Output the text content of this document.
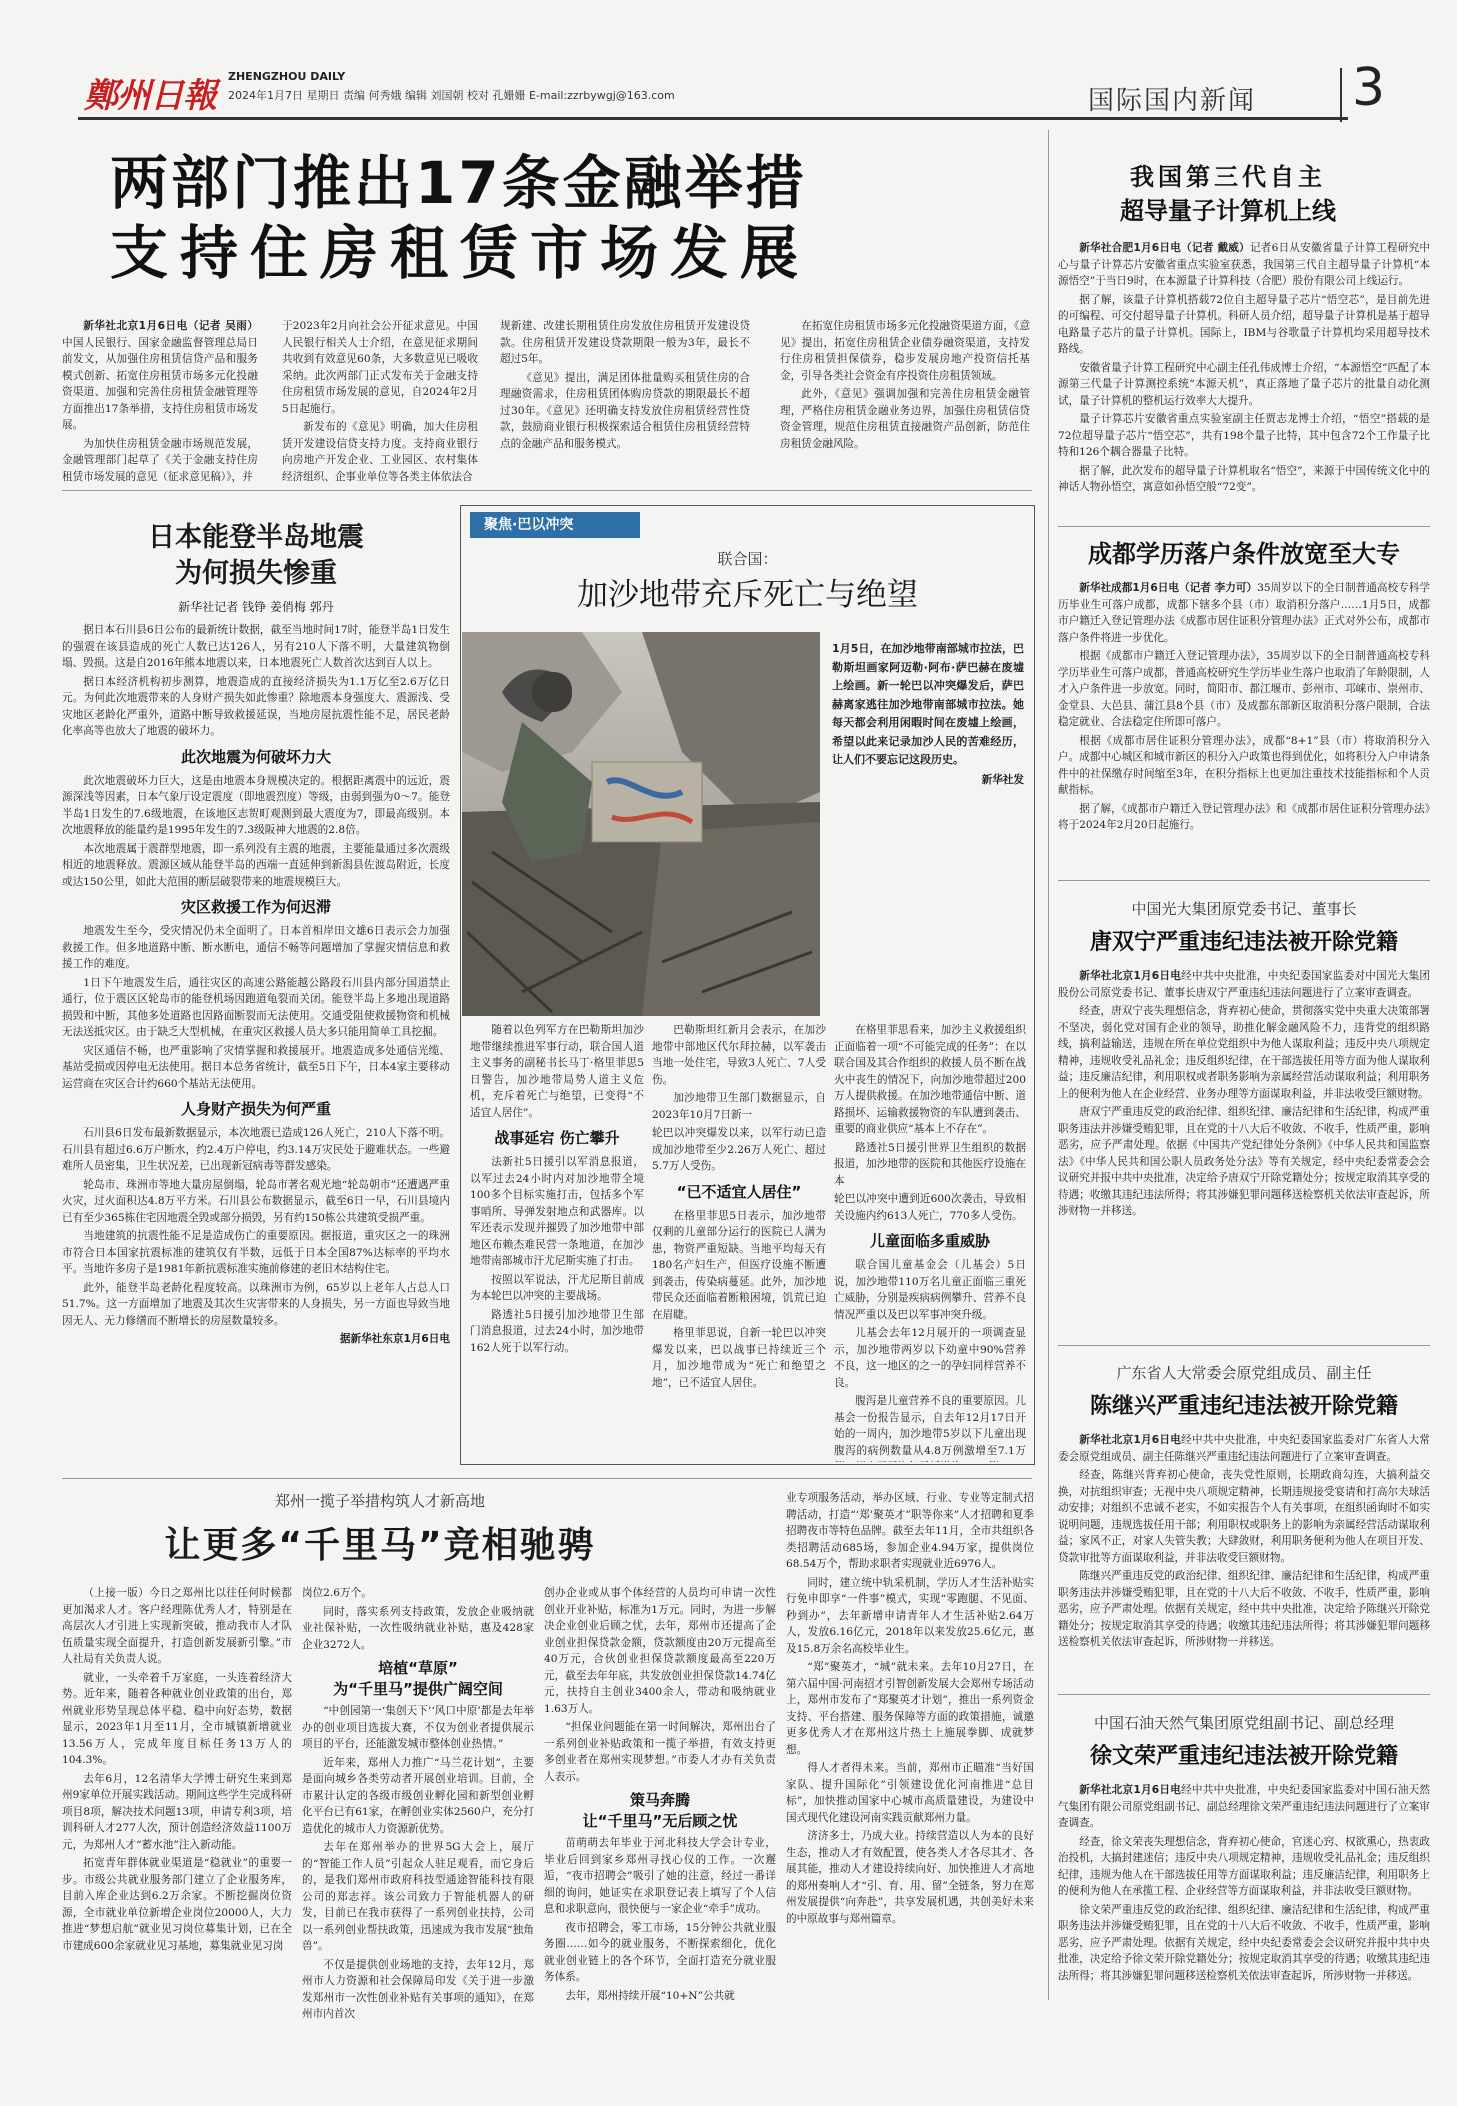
鄭州日報 ZHENGZHOU DAILY
2024年1月7日 星期日 责编 何秀娥 编辑 刘国朝 校对 孔姗姗 E-mail:zzrbywgj@163.com	国际国内新闻 3
两部门推出17条金融举措
支持住房租赁市场发展

新华社北京1月6日电（记者 吴雨）中国人民银行、国家金融监督管理总局日前发文，从加强住房租赁信贷产品和服务模式创新、拓宽住房租赁市场多元化投融资渠道、加强和完善住房租赁金融管理等方面推出17条举措，支持住房租赁市场发展。

为加快住房租赁金融市场规范发展，金融管理部门起草了《关于金融支持住房租赁市场发展的意见（征求意见稿）》，并

于2023年2月向社会公开征求意见。中国人民银行相关人士介绍，在意见征求期间共收到有效意见60条，大多数意见已吸收采纳。此次两部门正式发布关于金融支持住房租赁市场发展的意见，自2024年2月5日起施行。

新发布的《意见》明确，加大住房租赁开发建设信贷支持力度。支持商业银行向房地产开发企业、工业园区、农村集体经济组织、企事业单位等各类主体依法合

规新建、改建长期租赁住房发放住房租赁开发建设贷款。住房租赁开发建设贷款期限一般为3年，最长不超过5年。

《意见》提出，满足团体批量购买租赁住房的合理融资需求，住房租赁团体购房贷款的期限最长不超过30年。《意见》还明确支持发放住房租赁经营性贷款，鼓励商业银行积极探索适合租赁住房租赁经营特点的金融产品和服务模式。

在拓宽住房租赁市场多元化投融资渠道方面，《意见》提出，拓宽住房租赁企业债券融资渠道，支持发行住房租赁担保债券，稳步发展房地产投资信托基金，引导各类社会资金有序投资住房租赁领域。

此外，《意见》强调加强和完善住房租赁金融管理，严格住房租赁金融业务边界，加强住房租赁信贷资金管理，规范住房租赁直接融资产品创新，防范住房租赁金融风险。

日本能登半岛地震
为何损失惨重
新华社记者 钱铮 姜俏梅 郭丹

据日本石川县6日公布的最新统计数据，截至当地时间17时，能登半岛1日发生的强震在该县造成的死亡人数已达126人，另有210人下落不明，大量建筑物倒塌、毁损。这是自2016年熊本地震以来，日本地震死亡人数首次达到百人以上。

据日本经济机构初步测算，地震造成的直接经济损失为1.1万亿至2.6万亿日元。为何此次地震带来的人身财产损失如此惨重？除地震本身强度大、震源浅、受灾地区老龄化严重外，道路中断导致救援延误，当地房屋抗震性能不足，居民老龄化率高等也放大了地震的破坏力。

此次地震为何破坏力大

此次地震破坏力巨大，这是由地震本身规模决定的。根据距离震中的远近，震源深浅等因素，日本气象厅设定震度（即地震烈度）等级，由弱到强为0～7。能登半岛1日发生的7.6级地震，在该地区志贺町观测到最大震度为7，即最高级别。本次地震释放的能量约是1995年发生的7.3级阪神大地震的2.8倍。

本次地震属于震群型地震，即一系列没有主震的地震，主要能量通过多次震级相近的地震释放。震源区域从能登半岛的西端一直延伸到新潟县佐渡岛附近，长度或达150公里，如此大范围的断层破裂带来的地震规模巨大。

灾区救援工作为何迟滞

地震发生至今，受灾情况仍未全面明了。日本首相岸田文雄6日表示会力加强救援工作。但多地道路中断、断水断电，通信不畅等问题增加了掌握灾情信息和救援工作的难度。

1日下午地震发生后，通往灾区的高速公路能越公路段石川县内部分国道禁止通行，位于震区区轮岛市的能登机场因跑道龟裂而关闭。能登半岛上多地出现道路损毁和中断，其他多处道路也因路面断裂而无法使用。交通受阻使救援物资和机械无法送抵灾区。由于缺乏大型机械，在重灾区救援人员大多只能用简单工具挖掘。

灾区通信不畅，也严重影响了灾情掌握和救援展开。地震造成多处通信光缆、基站受损或因停电无法使用。据日本总务省统计，截至5日下午，日本4家主要移动运营商在灾区合计约660个基站无法使用。

人身财产损失为何严重

石川县6日发布最新数据显示，本次地震已造成126人死亡，210人下落不明。石川县有超过6.6万户断水，约2.4万户停电，约3.14万灾民处于避难状态。一些避难所人员密集，卫生状况差，已出现新冠病毒等群发感染。

轮岛市、珠洲市等地大量房屋倒塌，轮岛市著名观光地“轮岛朝市”还遭遇严重火灾，过火面积达4.8万平方米。石川县公布数据显示，截至6日一早，石川县境内已有至少365栋住宅因地震全毁或部分损毁，另有约150栋公共建筑受损严重。

当地建筑的抗震性能不足是造成伤亡的重要原因。据报道，重灾区之一的珠洲市符合日本国家抗震标准的建筑仅有半数，远低于日本全国87%达标率的平均水平。当地许多房子是1981年新抗震标准实施前修建的老旧木结构住宅。

此外，能登半岛老龄化程度较高。以珠洲市为例，65岁以上老年人占总人口51.7%。这一方面增加了地震及其次生灾害带来的人身损失，另一方面也导致当地因无人、无力修缮而不断增长的房屋数量较多。

据新华社东京1月6日电
聚焦·巴以冲突
联合国：
加沙地带充斥死亡与绝望

1月5日，在加沙地带南部城市拉法，巴勒斯坦画家阿迈勒·阿布·萨巴赫在废墟上绘画。新一轮巴以冲突爆发后，萨巴赫离家逃往加沙地带南部城市拉法。她每天都会利用闲暇时间在废墟上绘画，希望以此来记录加沙人民的苦难经历，让人们不要忘记这段历史。

新华社发

随着以色列军方在巴勒斯坦加沙地带继续推进军事行动，联合国人道主义事务的副秘书长马丁·格里菲思5日警告，加沙地带局势人道主义危机，充斥着死亡与绝望，已变得“不适宜人居住”。

战事延宕 伤亡攀升

法新社5日援引以军消息报道，以军过去24小时内对加沙地带全境100多个目标实施打击，包括多个军事哨所、导弹发射地点和武器库。以军还表示发现并摧毁了加沙地带中部地区布赖杰难民营一条地道，在加沙地带南部城市汗尤尼斯实施了打击。

按照以军说法，汗尤尼斯目前成为本轮巴以冲突的主要战场。

路透社5日援引加沙地带卫生部门消息报道，过去24小时，加沙地带162人死于以军行动。

巴勒斯坦红新月会表示，在加沙地带中部地区代尔拜拉赫，以军袭击当地一处住宅，导致3人死亡、7人受伤。

加沙地带卫生部门数据显示，自2023年10月7日新一

轮巴以冲突爆发以来，以军行动已造成加沙地带至少2.26万人死亡、超过5.7万人受伤。

“已不适宜人居住”

在格里菲思5日表示，加沙地带仅剩的儿童部分运行的医院已人满为患，物资严重短缺。当地平均每天有180名产妇生产，但医疗设施不断遭到袭击，传染病蔓延。此外，加沙地带民众还面临着断粮困境，饥荒已迫在眉睫。

格里菲思说，自新一轮巴以冲突爆发以来，巴以战事已持续近三个月，加沙地带成为“死亡和绝望之地”，已不适宜人居住。

在格里菲思看来，加沙主义救援组织正面临着一项“不可能完成的任务”：在以联合国及其合作组织的救援人员不断在战火中丧生的情况下，向加沙地带超过200万人提供救援。在加沙地带通信中断、道路损坏、运输救援物资的车队遭到袭击、重要的商业供应“基本上不存在”。

路透社5日援引世界卫生组织的数据报道，加沙地带的医院和其他医疗设施在本

轮巴以冲突中遭到近600次袭击，导致相关设施内约613人死亡，770多人受伤。

儿童面临多重威胁

联合国儿童基金会（儿基会）5日说，加沙地带110万名儿童正面临三重死亡威胁，分别是疾病病例攀升、营养不良情况严重以及巴以军事冲突升级。

儿基会去年12月展开的一项调查显示，加沙地带两岁以下幼童中90%营养不良，这一地区的之一的孕妇同样营养不良。

腹泻是儿童营养不良的重要原因。儿基会一份报告显示，自去年12月17日开始的一周内，加沙地带5岁以下儿童出现腹泻的病例数量从4.8万例激增至7.1万

郑州一揽子举措构筑人才新高地
让更多“千里马”竞相驰骋

（上接一版）今日之郑州比以往任何时候都更加渴求人才。客户经理陈优秀人才，特别是在高层次人才引进上实现新突破，推动我市人才队伍质量实现全面提升，打造创新发展新引擎。”市人社局有关负责人说。

就业，一头牵着千万家庭，一头连着经济大势。近年来，随着各种就业创业政策的出台，郑州就业形势呈现总体平稳、稳中向好态势，数据显示，2023年1月至11月，全市城镇新增就业13.56万人，完成年度目标任务13万人的104.3%。

去年6月，12名清华大学博士研究生来到郑州9家单位开展实践活动。期间这些学生完成科研项目8项，解决技术问题13项，申请专利3项，培训科研人才277人次，预计创造经济效益1100万元，为郑州人才“蓄水池”注入新动能。

拓宽青年群体就业渠道是“稳就业”的重要一步。市级公共就业服务部门建立了企业服务库，目前入库企业达到6.2万余家。不断挖掘岗位资源，全市就业单位新增企业岗位20000人，大力推进“梦想启航”就业见习岗位募集计划，已在全市建成600余家就业见习基地，募集就业见习岗

岗位2.6万个。

同时，落实系列支持政策，发放企业吸纳就业社保补贴，一次性吸纳就业补贴，惠及428家企业3272人。

培植“草原”
为“千里马”提供广阔空间

“中创园第一‘集创天下’‘风口中原’都是去年举办的创业项目选拔大赛，不仅为创业者提供展示项目的平台，还能激发城市整体创业热情。”

近年来，郑州人力推广“马兰花计划”，主要是面向城乡各类劳动者开展创业培训。目前，全市累计认定的各级市级创业孵化园和新型创业孵化平台已有61家，在孵创业实体2560户，充分打造优化的城市人力资源新优势。

去年在郑州举办的世界5G大会上，展厅的“智能工作人员”引起众人驻足观看，而它身后的，是我们郑州市政府科技型通途智能科技有限公司的郑志祥。该公司致力于智能机器人的研发，目前已在我市获得了一系列创业扶持，公司以一系列创业帮扶政策，迅速成为我市发展“独角兽”。

不仅是提供创业场地的支持，去年12月，郑州市人力资源和社会保障局印发《关于进一步激发郑州市一次性创业补贴有关事项的通知》，在郑州市内首次

创办企业或从事个体经营的人员均可申请一次性创业开业补贴，标准为1万元。同时，为进一步解决企业创业后顾之忧，去年，郑州市还提高了企业创业担保贷款金额，贷款额度由20万元提高至40万元，合伙创业担保贷款额度最高至220万元，截至去年年底，共发放创业担保贷款14.74亿元，扶持自主创业3400余人，带动和吸纳就业1.63万人。

“担保业问题能在第一时间解决，郑州出台了一系列创业补贴政策和一揽子举措，有效支持更多创业者在郑州实现梦想。”市委人才办有关负责人表示。

策马奔腾
让“千里马”无后顾之忧

苗萌萌去年毕业于河北科技大学会计专业，毕业后回到家乡郑州寻找心仪的工作。一次邂逅，“夜市招聘会”吸引了她的注意，经过一番详细的询问，她证实在求职登记表上填写了个人信息和求职意向，很快便与一家企业“牵手”成功。

夜市招聘会，零工市场，15分钟公共就业服务圈……如今的就业服务，不断探索细化，优化就业创业链上的各个环节，全面打造充分就业服务体系。

去年，郑州持续开展“10+N”公共就

业专项服务活动，举办区域、行业、专业等定制式招聘活动，打造“‘郑’聚英才”职等你来”人才招聘和夏季招聘夜市等特色品牌。截至去年11月，全市共组织各类招聘活动685场，参加企业4.94万家，提供岗位68.54万个，帮助求职者实现就业近6976人。

同时，建立统中轨采机制，学历人才生活补贴实行免申即享“一件事”模式，实现“零跑腿、不见面、秒到办”，去年新增申请青年人才生活补贴2.64万人，发放6.16亿元，2018年以来发放25.6亿元，惠及15.8万余名高校毕业生。

“郑”聚英才，“城”就未来。去年10月27日，在第六届中国·河南招才引智创新发展大会郑州专场活动上，郑州市发布了“郑聚英才计划”，推出一系列资金支持、平台搭建、服务保障等方面的政策措施，诚邀更多优秀人才在郑州这片热土上施展拳脚、成就梦想。

得人才者得未来。当前，郑州市正瞄准“当好国家队、提升国际化”引领建设优化河南推进“总目标”，加快推动国家中心城市高质量建设，为建设中国式现代化建设河南实践贡献郑州力量。

济济多士，乃成大业。持续营造以人为本的良好生态，推动人才有效配置，使各类人才各尽其才、各展其能，推动人才建设持续向好、加快推进人才高地的郑州奏响人才“引、育、用、留”全链条，努力在郑州发展提供“向奔赴”，共享发展机遇，共创美好未来的中原故事与郑州篇章。

我国第三代自主
超导量子计算机上线

新华社合肥1月6日电（记者 戴威）记者6日从安徽省量子计算工程研究中心与量子计算芯片安徽省重点实验室获悉，我国第三代自主超导量子计算机“本源悟空”于当日9时，在本源量子计算科技（合肥）股份有限公司上线运行。

据了解，该量子计算机搭载72位自主超导量子芯片“悟空芯”，是目前先进的可编程、可交付超导量子计算机。科研人员介绍，超导量子计算机是基于超导电路量子芯片的量子计算机。国际上，IBM与谷歌量子计算机均采用超导技术路线。

安徽省量子计算工程研究中心副主任孔伟成博士介绍，“本源悟空”匹配了本源第三代量子计算测控系统“本源天机”，真正落地了量子芯片的批量自动化测试，量子计算机的整机运行效率大大提升。

量子计算芯片安徽省重点实验室副主任贾志龙博士介绍，“悟空”搭载的是72位超导量子芯片“悟空芯”，共有198个量子比特，其中包含72个工作量子比特和126个耦合器量子比特。

据了解，此次发布的超导量子计算机取名“悟空”，来源于中国传统文化中的神话人物孙悟空，寓意如孙悟空般“72变”。

成都学历落户条件放宽至大专

新华社成都1月6日电（记者 李力可）35周岁以下的全日制普通高校专科学历毕业生可落户成都，成都下辖多个县（市）取消积分落户……1月5日，成都市户籍迁入登记管理办法《成都市居住证积分管理办法》正式对外公布，成都市落户条件将进一步优化。

根据《成都市户籍迁入登记管理办法》，35周岁以下的全日制普通高校专科学历毕业生可落户成都，普通高校研究生学历毕业生落户也取消了年龄限制，人才入户条件进一步放宽。同时，简阳市、都江堰市、彭州市、邛崃市、崇州市、金堂县、大邑县、蒲江县8个县（市）及成都东部新区取消积分落户限制，合法稳定就业、合法稳定住所即可落户。

根据《成都市居住证积分管理办法》，成都“8+1”县（市）将取消积分入户。成都中心城区和城市新区的积分入户政策也得到优化，如将积分入户申请条件中的社保缴存时间缩至3年，在积分指标上也更加注重技术技能指标和个人贡献指标。

据了解，《成都市户籍迁入登记管理办法》和《成都市居住证积分管理办法》将于2024年2月20日起施行。

中国光大集团原党委书记、董事长
唐双宁严重违纪违法被开除党籍

新华社北京1月6日电经中共中央批准，中央纪委国家监委对中国光大集团股份公司原党委书记、董事长唐双宁严重违纪违法问题进行了立案审查调查。

经查，唐双宁丧失理想信念，背弃初心使命，贯彻落实党中央重大决策部署不坚决，弱化党对国有企业的领导，助推化解金融风险不力，违背党的组织路线，搞利益输送，违规在所在单位党组织中为他人谋取利益；违反中央八项规定精神，违规收受礼品礼金；违反组织纪律，在干部选拔任用等方面为他人谋取利益；违反廉洁纪律，利用职权或者职务影响为亲属经营活动谋取利益；利用职务上的便利为他人在企业经营、业务办理等方面谋取利益，并非法收受巨额财物。

唐双宁严重违反党的政治纪律、组织纪律、廉洁纪律和生活纪律，构成严重职务违法并涉嫌受贿犯罪，且在党的十八大后不收敛、不收手，性质严重，影响恶劣，应予严肃处理。依据《中国共产党纪律处分条例》《中华人民共和国监察法》《中华人民共和国公职人员政务处分法》等有关规定，经中央纪委常委会会议研究并报中共中央批准，决定给予唐双宁开除党籍处分；按规定取消其享受的待遇；收缴其违纪违法所得；将其涉嫌犯罪问题移送检察机关依法审查起诉，所涉财物一并移送。

广东省人大常委会原党组成员、副主任
陈继兴严重违纪违法被开除党籍

新华社北京1月6日电经中共中央批准，中央纪委国家监委对广东省人大常委会原党组成员、副主任陈继兴严重违纪违法问题进行了立案审查调查。

经查，陈继兴背弃初心使命，丧失党性原则，长期政商勾连，大搞利益交换，对抗组织审查；无视中央八项规定精神，长期违规接受宴请和打高尔夫球活动安排；对组织不忠诚不老实，不如实报告个人有关事项，在组织函询时不如实说明问题，违规选拔任用干部；利用职权或职务上的影响为亲属经营活动谋取利益；家风不正，对家人失管失教；大肆敛财，利用职务便利为他人在项目开发、贷款审批等方面谋取利益，并非法收受巨额财物。

陈继兴严重违反党的政治纪律、组织纪律、廉洁纪律和生活纪律，构成严重职务违法并涉嫌受贿犯罪，且在党的十八大后不收敛、不收手，性质严重，影响恶劣，应予严肃处理。依据有关规定，经中共中央批准，决定给予陈继兴开除党籍处分；按规定取消其享受的待遇；收缴其违纪违法所得；将其涉嫌犯罪问题移送检察机关依法审查起诉，所涉财物一并移送。

中国石油天然气集团原党组副书记、副总经理
徐文荣严重违纪违法被开除党籍

新华社北京1月6日电经中共中央批准，中央纪委国家监委对中国石油天然气集团有限公司原党组副书记、副总经理徐文荣严重违纪违法问题进行了立案审查调查。

经查，徐文荣丧失理想信念，背弃初心使命，官迷心窍、权欲熏心，热衷政治投机，大搞封建迷信；违反中央八项规定精神，违规收受礼品礼金；违反组织纪律，违规为他人在干部选拔任用等方面谋取利益；违反廉洁纪律，利用职务上的便利为他人在承揽工程、企业经营等方面谋取利益，并非法收受巨额财物。

徐文荣严重违反党的政治纪律、组织纪律、廉洁纪律和生活纪律，构成严重职务违法并涉嫌受贿犯罪，且在党的十八大后不收敛、不收手，性质严重，影响恶劣，应予严肃处理。依据有关规定，经中央纪委常委会会议研究并报中共中央批准，决定给予徐文荣开除党籍处分；按规定取消其享受的待遇；收缴其违纪违法所得；将其涉嫌犯罪问题移送检察机关依法审查起诉，所涉财物一并移送。
